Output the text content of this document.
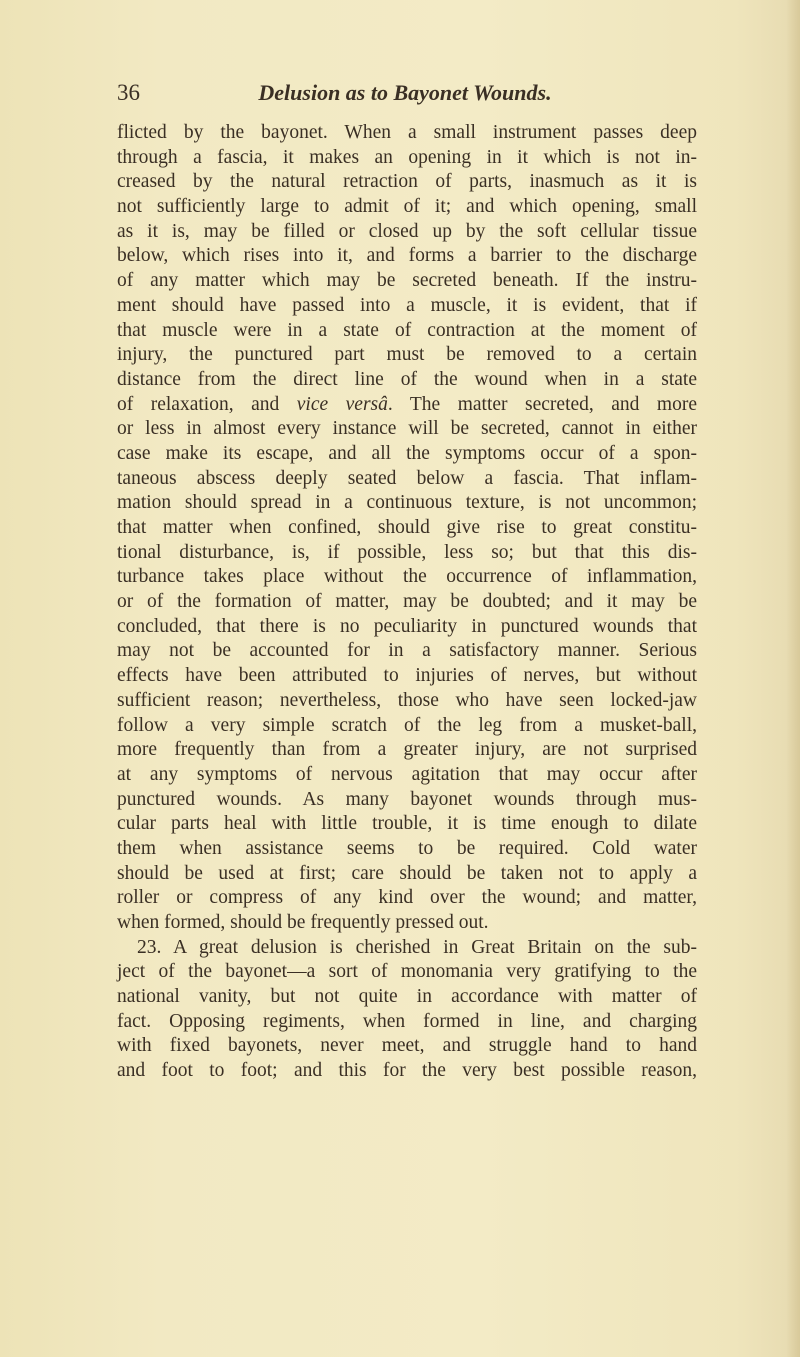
36	Delusion as to Bayonet Wounds.
flicted by the bayonet. When a small instrument passes deep
through a fascia, it makes an opening in it which is not in-
creased by the natural retraction of parts, inasmuch as it is
not sufficiently large to admit of it; and which opening, small
as it is, may be filled or closed up by the soft cellular tissue
below, which rises into it, and forms a barrier to the discharge
of any matter which may be secreted beneath. If the instru-
ment should have passed into a muscle, it is evident, that if
that muscle were in a state of contraction at the moment of
injury, the punctured part must be removed to a certain
distance from the direct line of the wound when in a state
of relaxation, and vice versâ. The matter secreted, and more
or less in almost every instance will be secreted, cannot in either
case make its escape, and all the symptoms occur of a spon-
taneous abscess deeply seated below a fascia. That inflam-
mation should spread in a continuous texture, is not uncommon;
that matter when confined, should give rise to great constitu-
tional disturbance, is, if possible, less so; but that this dis-
turbance takes place without the occurrence of inflammation,
or of the formation of matter, may be doubted; and it may be
concluded, that there is no peculiarity in punctured wounds that
may not be accounted for in a satisfactory manner. Serious
effects have been attributed to injuries of nerves, but without
sufficient reason; nevertheless, those who have seen locked-jaw
follow a very simple scratch of the leg from a musket-ball,
more frequently than from a greater injury, are not surprised
at any symptoms of nervous agitation that may occur after
punctured wounds. As many bayonet wounds through mus-
cular parts heal with little trouble, it is time enough to dilate
them when assistance seems to be required. Cold water
should be used at first; care should be taken not to apply a
roller or compress of any kind over the wound; and matter,
when formed, should be frequently pressed out.
23. A great delusion is cherished in Great Britain on the sub-
ject of the bayonet—a sort of monomania very gratifying to the
national vanity, but not quite in accordance with matter of
fact. Opposing regiments, when formed in line, and charging
with fixed bayonets, never meet, and struggle hand to hand
and foot to foot; and this for the very best possible reason,
